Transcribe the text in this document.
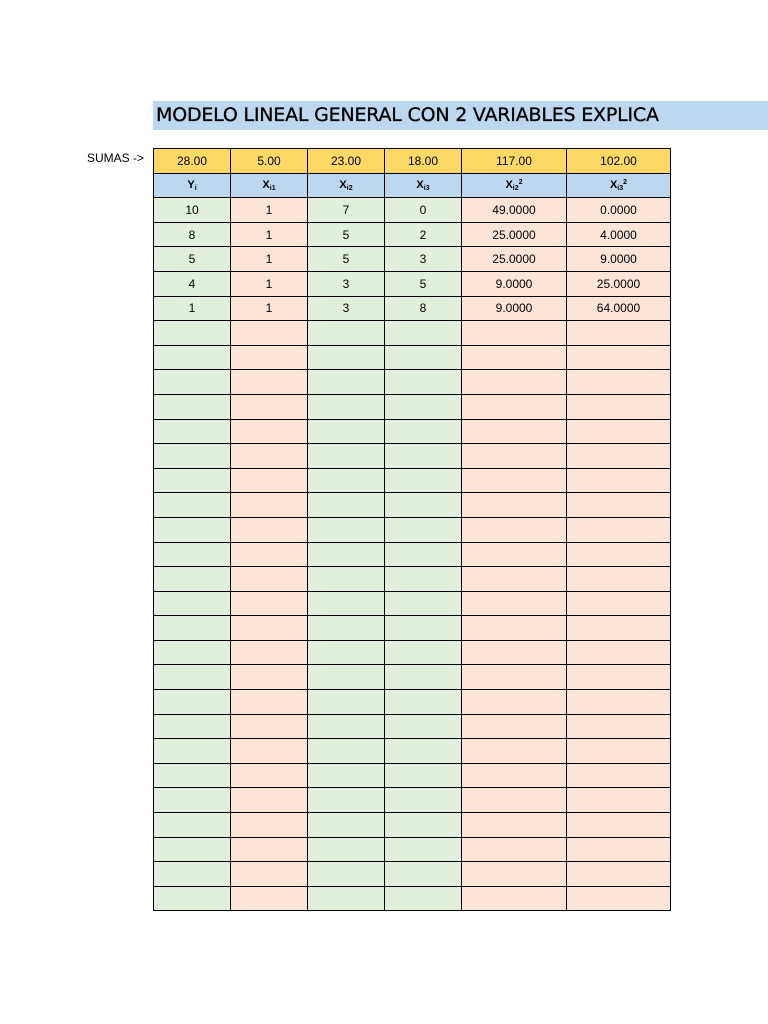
MODELO LINEAL GENERAL CON 2 VARIABLES EXPLICA
SUMAS ->	28.00	5.00	23.00	18.00	117.00	102.00
$Y_i$	$X_{i1}$	$X_{i2}$	$X_{i3}$	$X_{i2}^2$	$X_{i3}^2$
10	1	7	0	49.0000	0.0000
8	1	5	2	25.0000	4.0000
5	1	5	3	25.0000	9.0000
4	1	3	5	9.0000	25.0000
1	1	3	8	9.0000	64.0000
